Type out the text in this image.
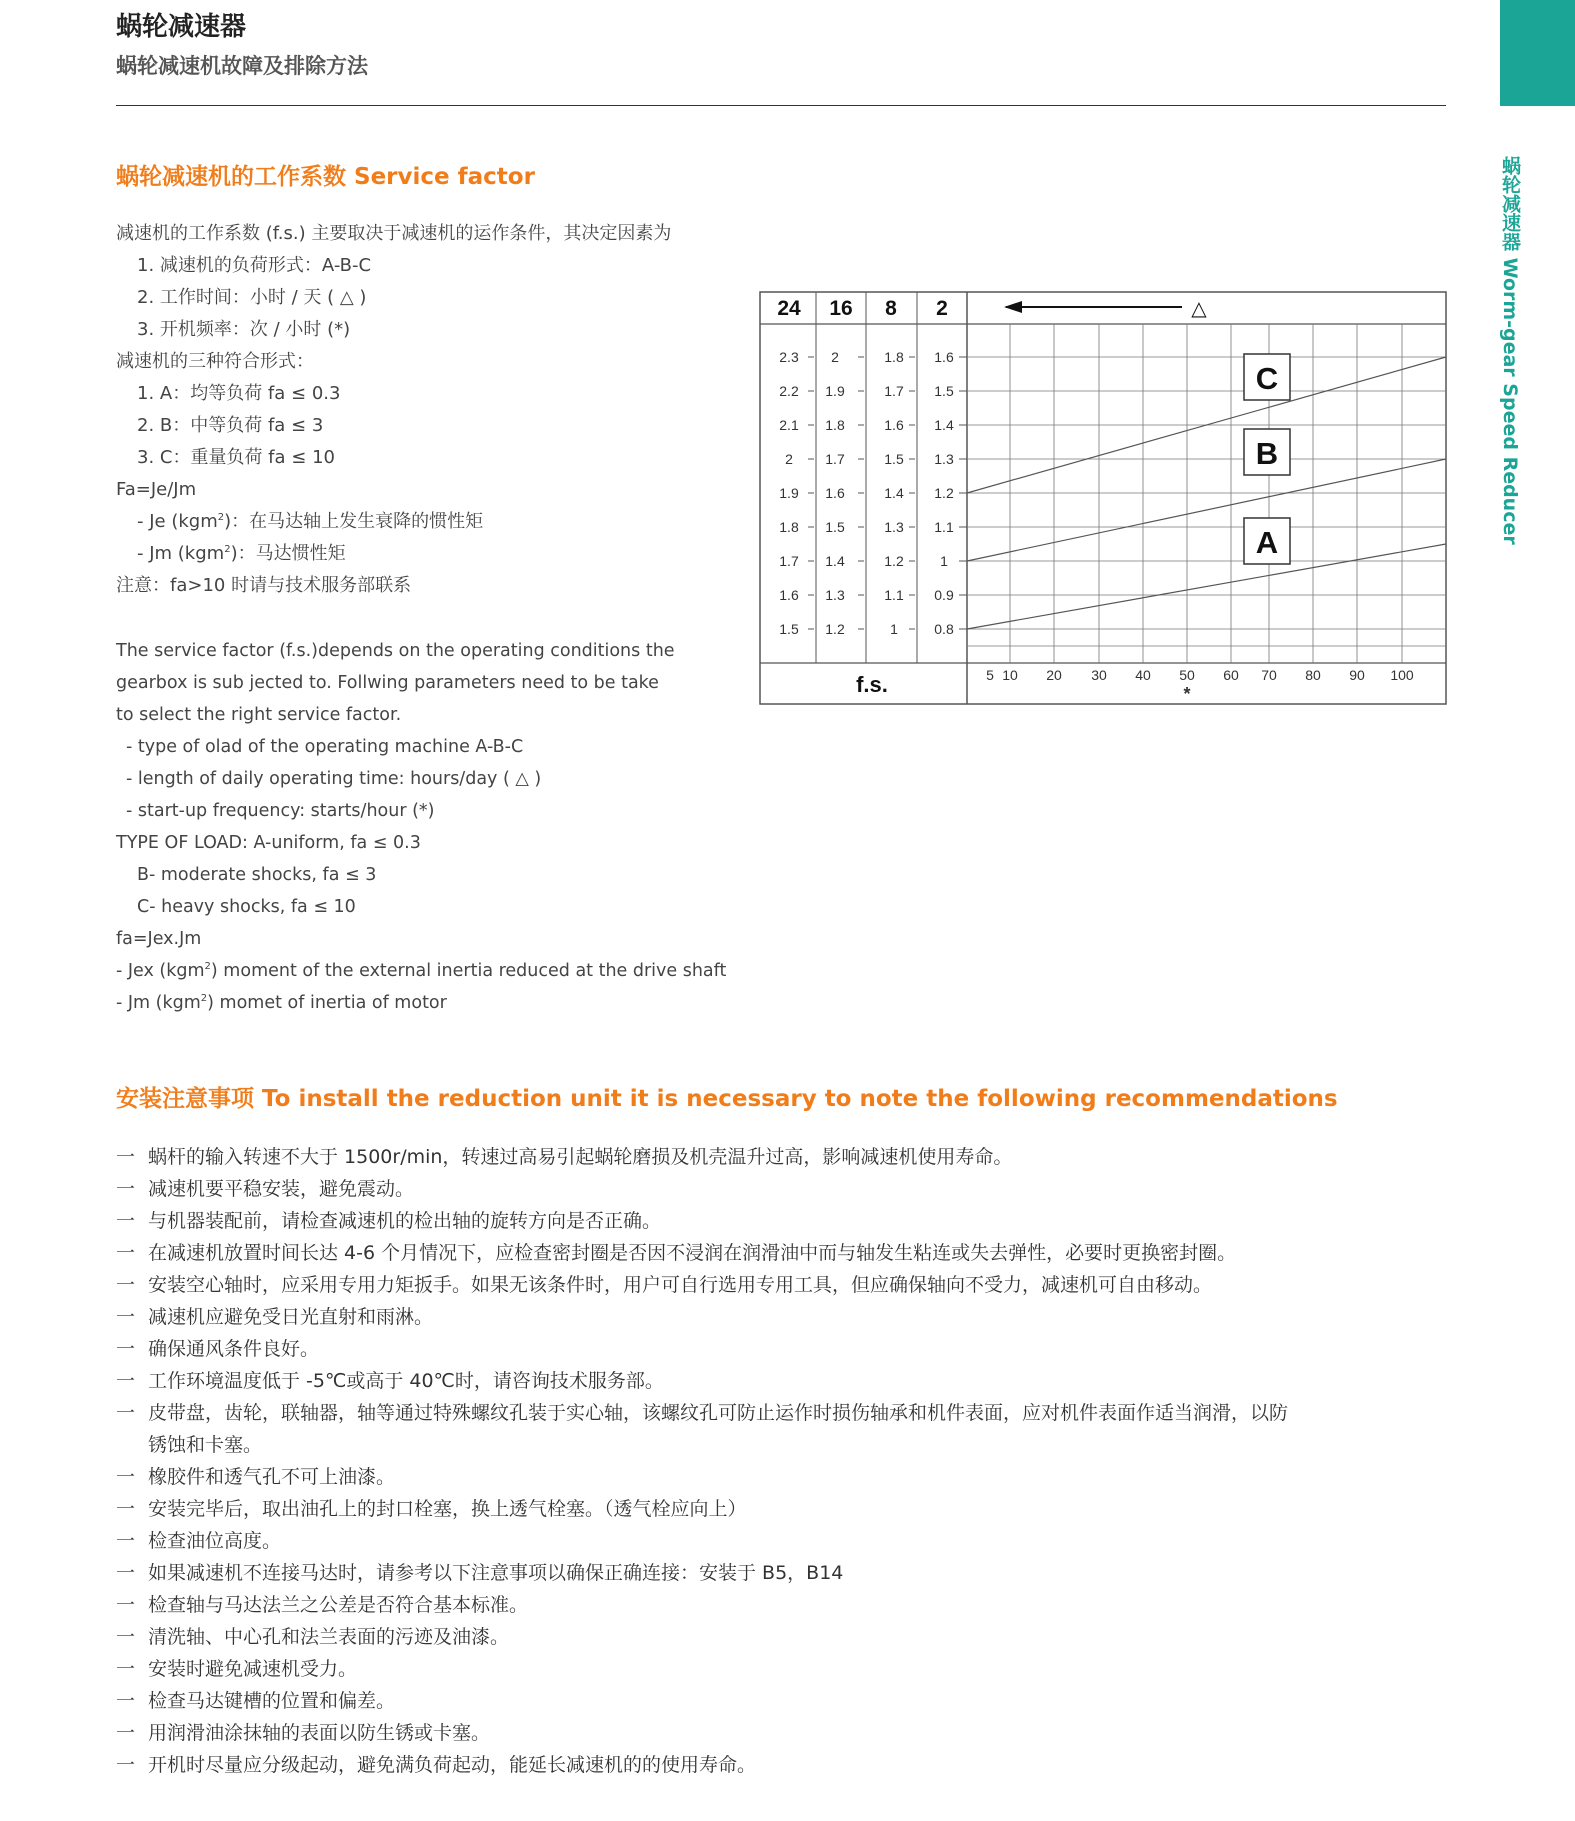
蜗轮减速器
蜗轮减速机故障及排除方法
蜗轮减速器 Worm-gear Speed Reducer
蜗轮减速机的工作系数 Service factor
减速机的工作系数 (f.s.) 主要取决于减速机的运作条件，其决定因素为
1. 减速机的负荷形式：A-B-C
2. 工作时间：小时 / 天 ( △ )
3. 开机频率：次 / 小时 (*)
减速机的三种符合形式：
1. A：均等负荷 fa ≤ 0.3
2. B：中等负荷 fa ≤ 3
3. C：重量负荷 fa ≤ 10
Fa=Je/Jm
- Je (kgm$^2$)：在马达轴上发生衰降的惯性矩
- Jm (kgm$^2$)：马达惯性矩
注意：fa>10 时请与技术服务部联系
The service factor (f.s.)depends on the operating conditions the
gearbox is sub jected to. Follwing parameters need to be take
to select the right service factor.
- type of olad of the operating machine A-B-C
- length of daily operating time: hours/day ( △ )
- start-up frequency: starts/hour (*)
TYPE OF LOAD: A-uniform, fa ≤ 0.3
B- moderate shocks, fa ≤ 3
C- heavy shocks, fa ≤ 10
fa=Jex.Jm
- Jex (kgm$^2$) moment of the external inertia reduced at the drive shaft
- Jm (kgm$^2$) momet of inertia of motor
5 10 20 30 40 50 60 70 80 90 100
*
24 16 8 2	△
2.3
2.2
2.1
2
1.9
1.8
1.7
1.6
1.5
2
1.9
1.8
1.7
1.6
1.5
1.4
1.3
1.2
1.8
1.7
1.6
1.5
1.4
1.3
1.2
1.1
1
1.6
1.5
1.4
1.3
1.2
1.1
1
0.9
0.8
f.s.
C
B
A
安装注意事项 To install the reduction unit it is necessary to note the following recommendations
一 蜗杆的输入转速不大于 1500r/min，转速过高易引起蜗轮磨损及机壳温升过高，影响减速机使用寿命。
一 减速机要平稳安装，避免震动。
一 与机器装配前，请检查减速机的检出轴的旋转方向是否正确。
一 在减速机放置时间长达 4-6 个月情况下，应检查密封圈是否因不浸润在润滑油中而与轴发生粘连或失去弹性，必要时更换密封圈。
一 安装空心轴时，应采用专用力矩扳手。如果无该条件时，用户可自行选用专用工具，但应确保轴向不受力，减速机可自由移动。
一 减速机应避免受日光直射和雨淋。
一 确保通风条件良好。
一 工作环境温度低于 -5℃或高于 40℃时，请咨询技术服务部。
一 皮带盘，齿轮，联轴器，轴等通过特殊螺纹孔装于实心轴，该螺纹孔可防止运作时损伤轴承和机件表面，应对机件表面作适当润滑，以防
锈蚀和卡塞。
一 橡胶件和透气孔不可上油漆。
一 安装完毕后，取出油孔上的封口栓塞，换上透气栓塞。（透气栓应向上）
一 检查油位高度。
一 如果减速机不连接马达时，请参考以下注意事项以确保正确连接：安装于 B5，B14
一 检查轴与马达法兰之公差是否符合基本标准。
一 清洗轴、中心孔和法兰表面的污迹及油漆。
一 安装时避免减速机受力。
一 检查马达键槽的位置和偏差。
一 用润滑油涂抹轴的表面以防生锈或卡塞。
一 开机时尽量应分级起动，避免满负荷起动，能延长减速机的的使用寿命。
